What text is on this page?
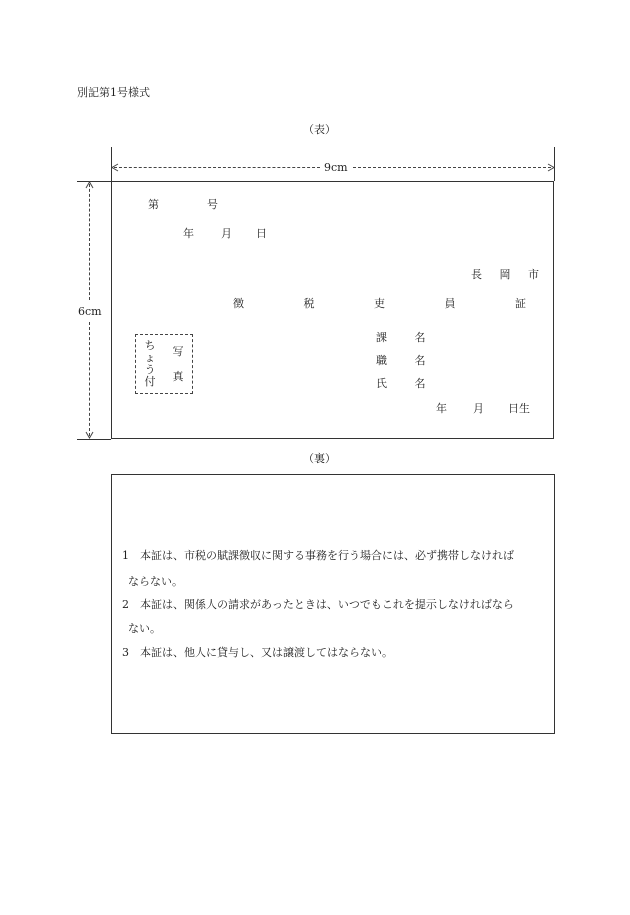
別記第1号様式
（表）
9cm
6cm
第	号
年 月 日
長 岡 市
徴 税 吏 員 証
写 真
ちょう付
課 名
職 名
氏 名
年 月 日生
（裏）
1　本証は、市税の賦課徴収に関する事務を行う場合には、必ず携帯しなければ
ならない。
2　本証は、関係人の請求があったときは、いつでもこれを提示しなければなら
ない。
3　本証は、他人に貸与し、又は譲渡してはならない。
